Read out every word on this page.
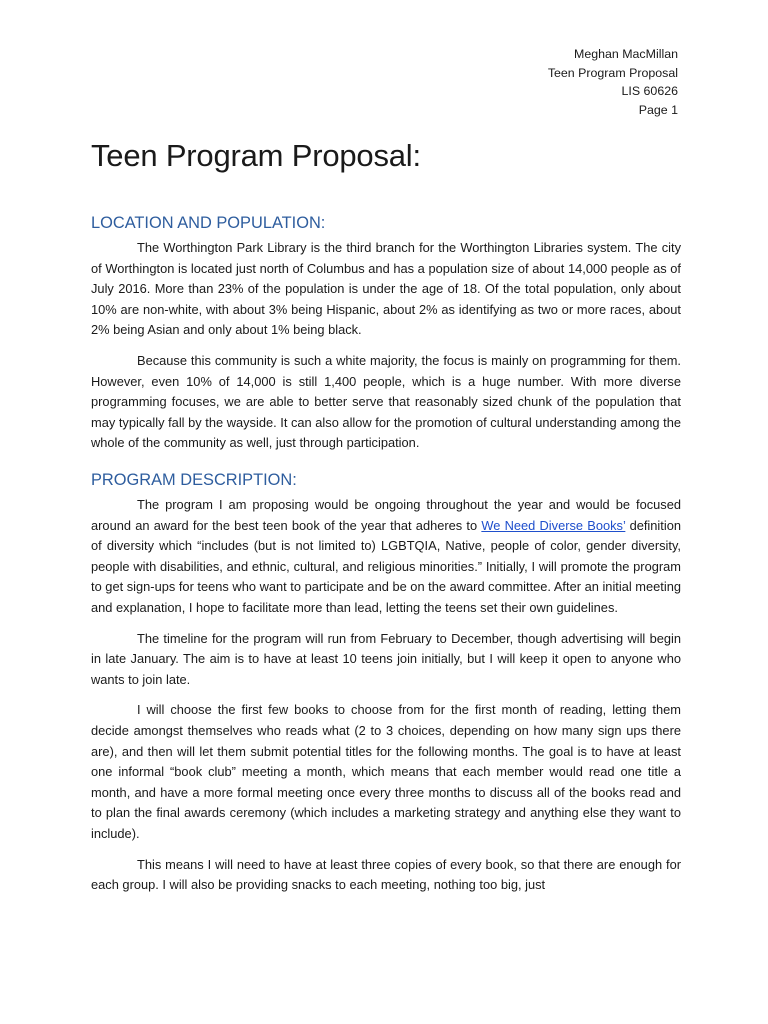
Meghan MacMillan
Teen Program Proposal
LIS 60626
Page 1
Teen Program Proposal:
LOCATION AND POPULATION:

The Worthington Park Library is the third branch for the Worthington Libraries system. The city of Worthington is located just north of Columbus and has a population size of about 14,000 people as of July 2016. More than 23% of the population is under the age of 18. Of the total population, only about 10% are non-white, with about 3% being Hispanic, about 2% as identifying as two or more races, about 2% being Asian and only about 1% being black.

Because this community is such a white majority, the focus is mainly on programming for them. However, even 10% of 14,000 is still 1,400 people, which is a huge number. With more diverse programming focuses, we are able to better serve that reasonably sized chunk of the population that may typically fall by the wayside. It can also allow for the promotion of cultural understanding among the whole of the community as well, just through participation.

PROGRAM DESCRIPTION:

The program I am proposing would be ongoing throughout the year and would be focused around an award for the best teen book of the year that adheres to We Need Diverse Books’ definition of diversity which “includes (but is not limited to) LGBTQIA, Native, people of color, gender diversity, people with disabilities, and ethnic, cultural, and religious minorities.” Initially, I will promote the program to get sign-ups for teens who want to participate and be on the award committee. After an initial meeting and explanation, I hope to facilitate more than lead, letting the teens set their own guidelines.

The timeline for the program will run from February to December, though advertising will begin in late January. The aim is to have at least 10 teens join initially, but I will keep it open to anyone who wants to join late.

I will choose the first few books to choose from for the first month of reading, letting them decide amongst themselves who reads what (2 to 3 choices, depending on how many sign ups there are), and then will let them submit potential titles for the following months. The goal is to have at least one informal “book club” meeting a month, which means that each member would read one title a month, and have a more formal meeting once every three months to discuss all of the books read and to plan the final awards ceremony (which includes a marketing strategy and anything else they want to include).

This means I will need to have at least three copies of every book, so that there are enough for each group. I will also be providing snacks to each meeting, nothing too big, just
